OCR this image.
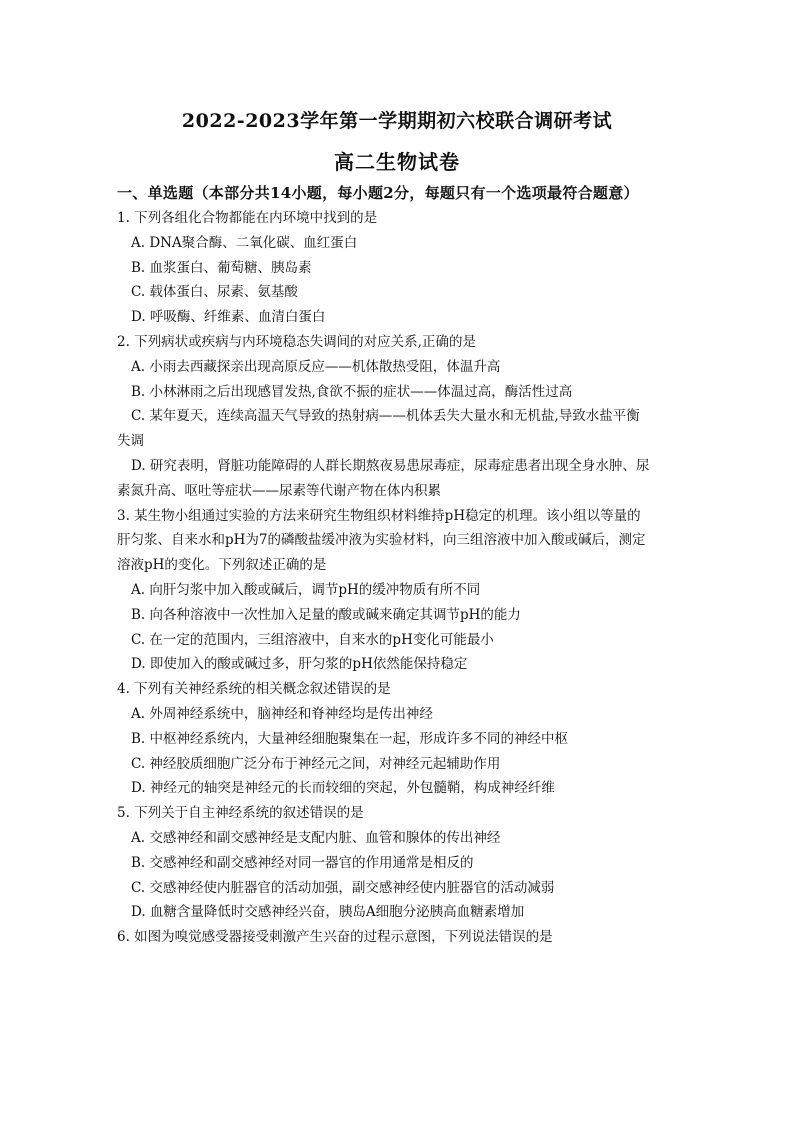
2022-2023学年第一学期期初六校联合调研考试
高二生物试卷
一、单选题（本部分共14小题，每小题2分，每题只有一个选项最符合题意）
1. 下列各组化合物都能在内环境中找到的是
A. DNA聚合酶、二氧化碳、血红蛋白
B. 血浆蛋白、葡萄糖、胰岛素
C. 载体蛋白、尿素、氨基酸
D. 呼吸酶、纤维素、血清白蛋白
2. 下列病状或疾病与内环境稳态失调间的对应关系,正确的是
A. 小雨去西藏探亲出现高原反应——机体散热受阻，体温升高
B. 小林淋雨之后出现感冒发热,食欲不振的症状——体温过高，酶活性过高
C. 某年夏天，连续高温天气导致的热射病——机体丢失大量水和无机盐,导致水盐平衡
失调
D. 研究表明，肾脏功能障碍的人群长期熬夜易患尿毒症，尿毒症患者出现全身水肿、尿
素氮升高、呕吐等症状——尿素等代谢产物在体内积累
3. 某生物小组通过实验的方法来研究生物组织材料维持pH稳定的机理。该小组以等量的
肝匀浆、自来水和pH为7的磷酸盐缓冲液为实验材料，向三组溶液中加入酸或碱后，测定
溶液pH的变化。下列叙述正确的是
A. 向肝匀浆中加入酸或碱后，调节pH的缓冲物质有所不同
B. 向各种溶液中一次性加入足量的酸或碱来确定其调节pH的能力
C. 在一定的范围内，三组溶液中，自来水的pH变化可能最小
D. 即使加入的酸或碱过多，肝匀浆的pH依然能保持稳定
4. 下列有关神经系统的相关概念叙述错误的是
A. 外周神经系统中，脑神经和脊神经均是传出神经
B. 中枢神经系统内，大量神经细胞聚集在一起，形成许多不同的神经中枢
C. 神经胶质细胞广泛分布于神经元之间，对神经元起辅助作用
D. 神经元的轴突是神经元的长而较细的突起，外包髓鞘，构成神经纤维
5. 下列关于自主神经系统的叙述错误的是
A. 交感神经和副交感神经是支配内脏、血管和腺体的传出神经
B. 交感神经和副交感神经对同一器官的作用通常是相反的
C. 交感神经使内脏器官的活动加强，副交感神经使内脏器官的活动减弱
D. 血糖含量降低时交感神经兴奋，胰岛A细胞分泌胰高血糖素增加
6. 如图为嗅觉感受器接受刺激产生兴奋的过程示意图，下列说法错误的是
